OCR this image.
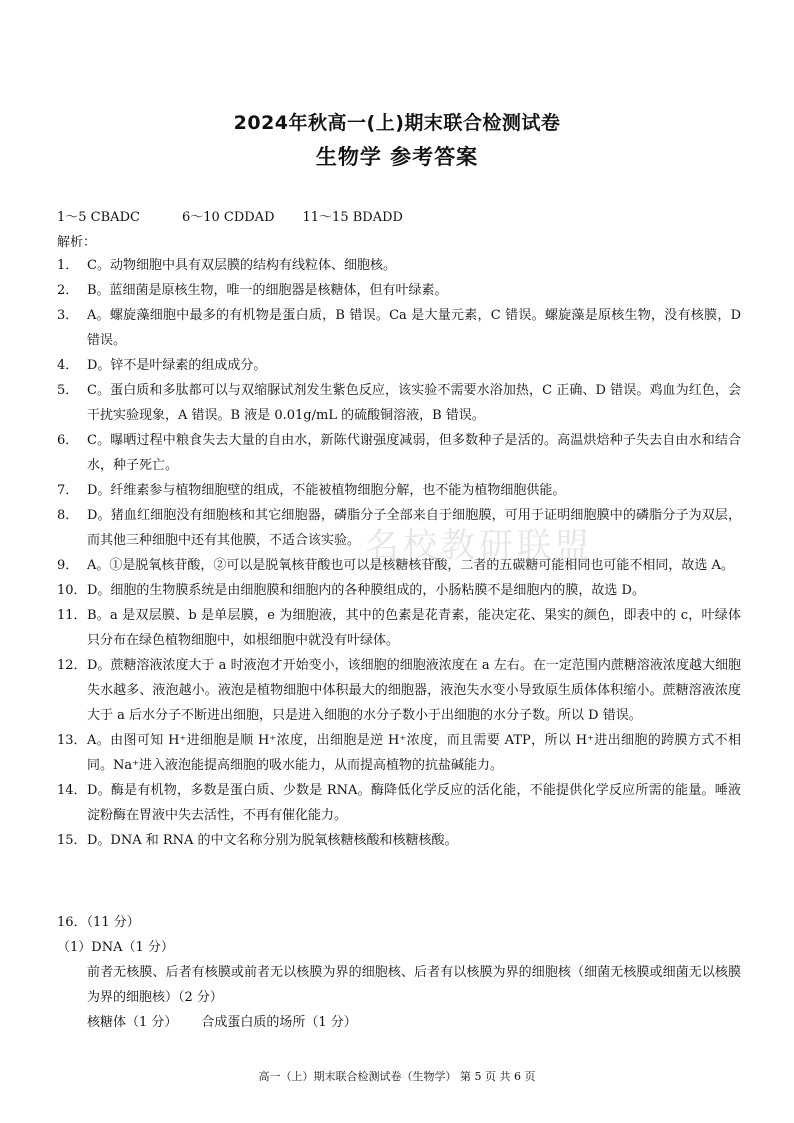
2024年秋高一(上)期末联合检测试卷
生物学 参考答案
1～5 CBADC	6～10 CDDAD 11～15 BDADD
解析：
1． C。动物细胞中具有双层膜的结构有线粒体、细胞核。
2． B。蓝细菌是原核生物，唯一的细胞器是核糖体，但有叶绿素。
3． A。螺旋藻细胞中最多的有机物是蛋白质，B 错误。Ca 是大量元素，C 错误。螺旋藻是原核生物，没有核膜，D 错误。
4． D。锌不是叶绿素的组成成分。
5． C。蛋白质和多肽都可以与双缩脲试剂发生紫色反应，该实验不需要水浴加热，C 正确、D 错误。鸡血为红色，会干扰实验现象，A 错误。B 液是 0.01g/mL 的硫酸铜溶液，B 错误。
6． C。曝晒过程中粮食失去大量的自由水，新陈代谢强度减弱，但多数种子是活的。高温烘焙种子失去自由水和结合水，种子死亡。
7． D。纤维素参与植物细胞壁的组成，不能被植物细胞分解，也不能为植物细胞供能。
8． D。猪血红细胞没有细胞核和其它细胞器，磷脂分子全部来自于细胞膜，可用于证明细胞膜中的磷脂分子为双层，而其他三种细胞中还有其他膜，不适合该实验。
9． A。①是脱氧核苷酸，②可以是脱氧核苷酸也可以是核糖核苷酸，二者的五碳糖可能相同也可能不相同，故选 A。
10． D。细胞的生物膜系统是由细胞膜和细胞内的各种膜组成的，小肠粘膜不是细胞内的膜，故选 D。
11． B。a 是双层膜、b 是单层膜，e 为细胞液，其中的色素是花青素，能决定花、果实的颜色，即表中的 c，叶绿体只分布在绿色植物细胞中，如根细胞中就没有叶绿体。
12． D。蔗糖溶液浓度大于 a 时液泡才开始变小，该细胞的细胞液浓度在 a 左右。在一定范围内蔗糖溶液浓度越大细胞失水越多、液泡越小。液泡是植物细胞中体积最大的细胞器，液泡失水变小导致原生质体体积缩小。蔗糖溶液浓度大于 a 后水分子不断进出细胞，只是进入细胞的水分子数小于出细胞的水分子数。所以 D 错误。
13． A。由图可知 H⁺进细胞是顺 H⁺浓度，出细胞是逆 H⁺浓度，而且需要 ATP，所以 H⁺进出细胞的跨膜方式不相同。Na⁺进入液泡能提高细胞的吸水能力，从而提高植物的抗盐碱能力。
14． D。酶是有机物，多数是蛋白质、少数是 RNA。酶降低化学反应的活化能，不能提供化学反应所需的能量。唾液淀粉酶在胃液中失去活性，不再有催化能力。
15． D。DNA 和 RNA 的中文名称分别为脱氧核糖核酸和核糖核酸。
16．（11 分）
（1）DNA（1 分）
前者无核膜、后者有核膜或前者无以核膜为界的细胞核、后者有以核膜为界的细胞核（细菌无核膜或细菌无以核膜为界的细胞核）（2 分）
核糖体（1 分） 合成蛋白质的场所（1 分）
名校教研联盟
高一（上）期末联合检测试卷（生物学） 第 5 页 共 6 页
